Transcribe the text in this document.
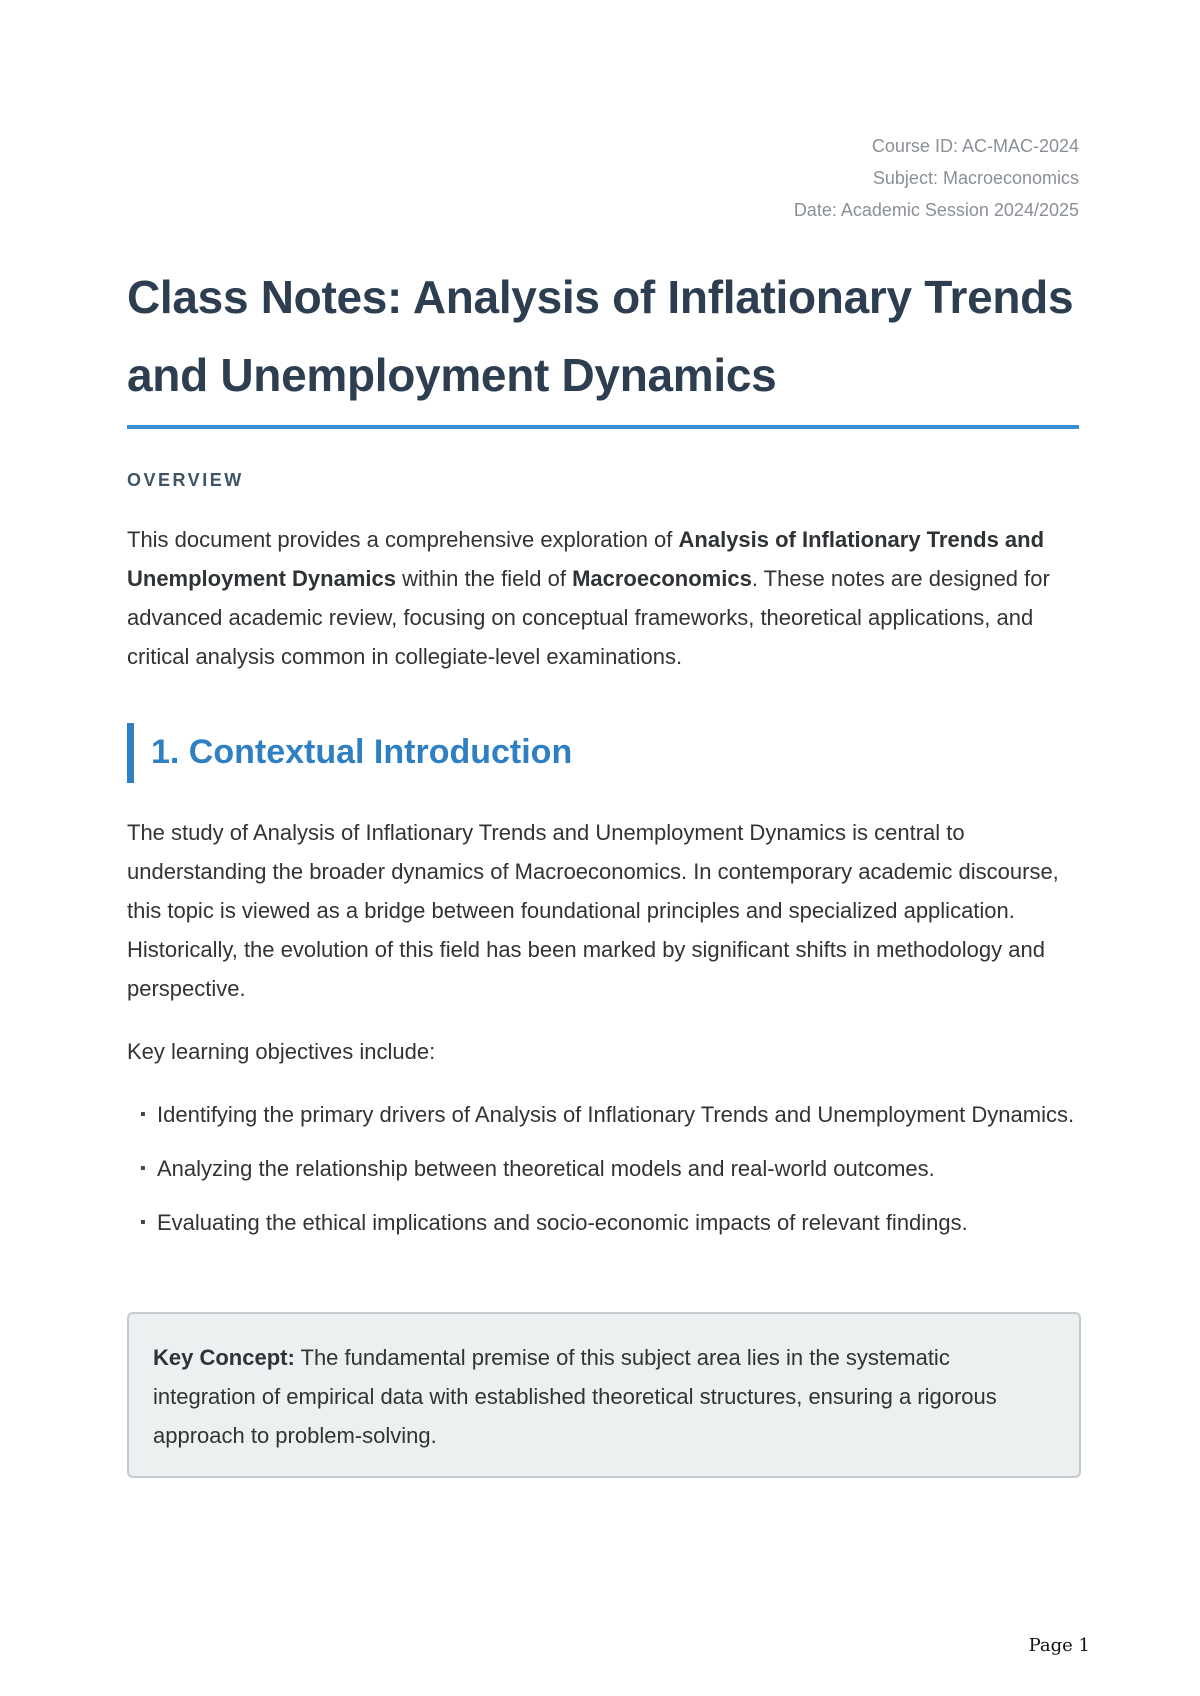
Course ID: AC-MAC-2024
Subject: Macroeconomics
Date: Academic Session 2024/2025
Class Notes: Analysis of Inflationary Trends and Unemployment Dynamics
OVERVIEW

This document provides a comprehensive exploration of Analysis of Inflationary Trends and Unemployment Dynamics within the field of Macroeconomics. These notes are designed for advanced academic review, focusing on conceptual frameworks, theoretical applications, and critical analysis common in collegiate-level examinations.

1. Contextual Introduction

The study of Analysis of Inflationary Trends and Unemployment Dynamics is central to understanding the broader dynamics of Macroeconomics. In contemporary academic discourse, this topic is viewed as a bridge between foundational principles and specialized application. Historically, the evolution of this field has been marked by significant shifts in methodology and perspective.

Key learning objectives include:

▪ Identifying the primary drivers of Analysis of Inflationary Trends and Unemployment Dynamics.
▪ Analyzing the relationship between theoretical models and real-world outcomes.
▪ Evaluating the ethical implications and socio-economic impacts of relevant findings.
Key Concept: The fundamental premise of this subject area lies in the systematic integration of empirical data with established theoretical structures, ensuring a rigorous approach to problem-solving.
Page 1
